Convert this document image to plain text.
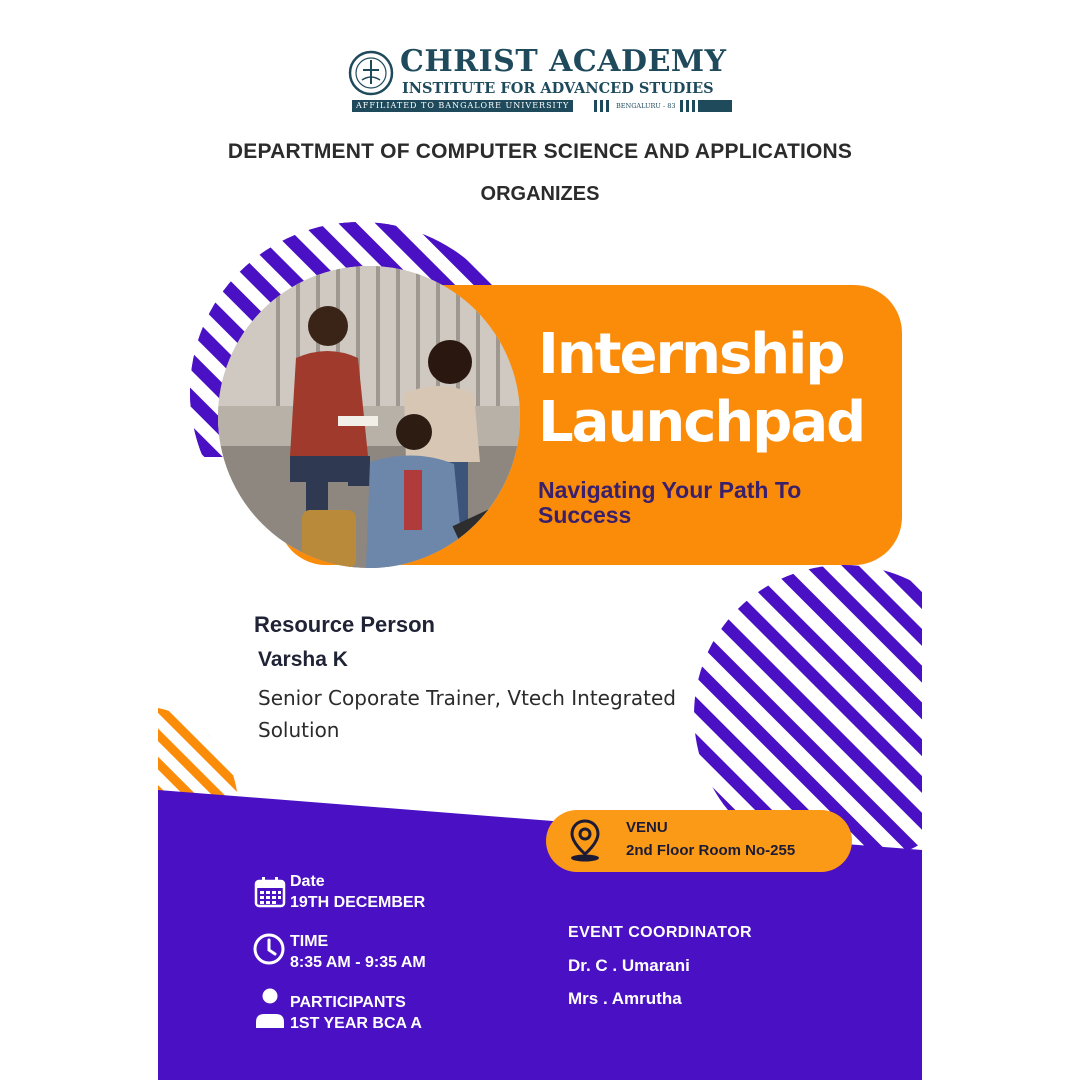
CHRIST ACADEMY
INSTITUTE FOR ADVANCED STUDIES
AFFILIATED TO BANGALORE UNIVERSITY	BENGALURU - 83
DEPARTMENT OF COMPUTER SCIENCE AND APPLICATIONS
ORGANIZES
Internship
Launchpad
Navigating Your Path To Success
Resource Person
Varsha K
Senior Coporate Trainer, Vtech Integrated Solution
VENU
2nd Floor Room No-255
Date
19TH DECEMBER
TIME
8:35 AM - 9:35 AM
PARTICIPANTS
1ST YEAR BCA A
EVENT COORDINATOR
Dr. C . Umarani
Mrs . Amrutha
